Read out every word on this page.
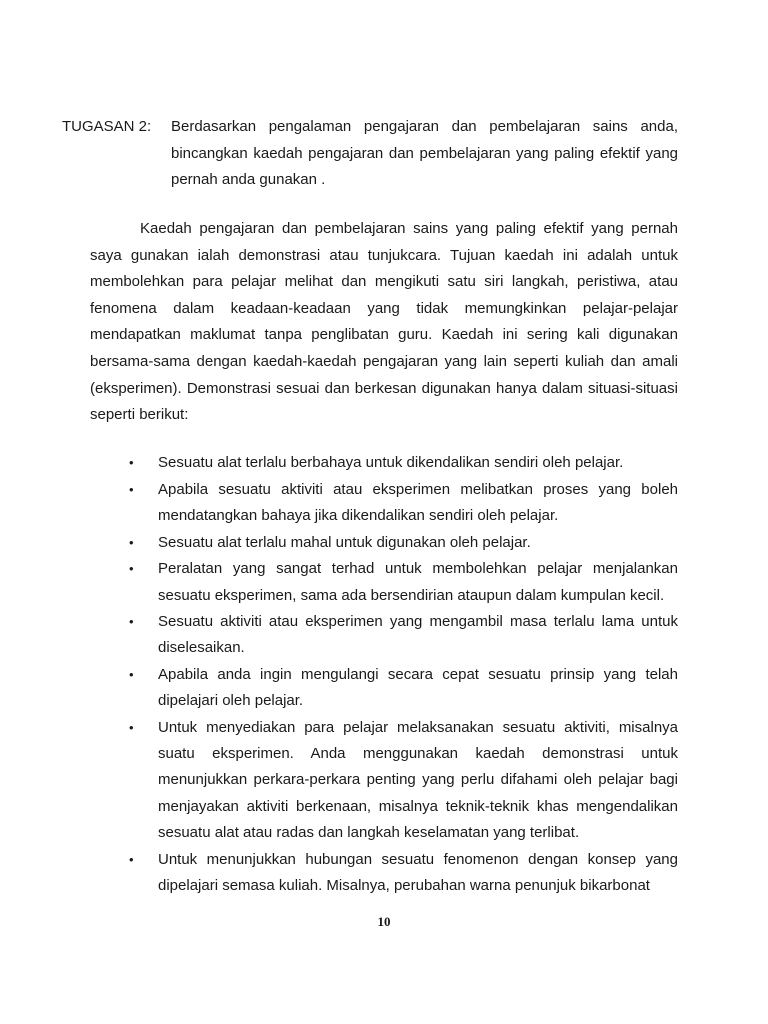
TUGASAN 2:	Berdasarkan pengalaman pengajaran dan pembelajaran sains anda, bincangkan kaedah pengajaran dan pembelajaran yang paling efektif yang pernah anda gunakan .

Kaedah pengajaran dan pembelajaran sains yang paling efektif yang pernah saya gunakan ialah demonstrasi atau tunjukcara. Tujuan kaedah ini adalah untuk membolehkan para pelajar melihat dan mengikuti satu siri langkah, peristiwa, atau fenomena dalam keadaan-keadaan yang tidak memungkinkan pelajar-pelajar mendapatkan maklumat tanpa penglibatan guru. Kaedah ini sering kali digunakan bersama-sama dengan kaedah-kaedah pengajaran yang lain seperti kuliah dan amali (eksperimen). Demonstrasi sesuai dan berkesan digunakan hanya dalam situasi-situasi seperti berikut:

• Sesuatu alat terlalu berbahaya untuk dikendalikan sendiri oleh pelajar.
• Apabila sesuatu aktiviti atau eksperimen melibatkan proses yang boleh mendatangkan bahaya jika dikendalikan sendiri oleh pelajar.
• Sesuatu alat terlalu mahal untuk digunakan oleh pelajar.
• Peralatan yang sangat terhad untuk membolehkan pelajar menjalankan sesuatu eksperimen, sama ada bersendirian ataupun dalam kumpulan kecil.
• Sesuatu aktiviti atau eksperimen yang mengambil masa terlalu lama untuk diselesaikan.
• Apabila anda ingin mengulangi secara cepat sesuatu prinsip yang telah dipelajari oleh pelajar.
• Untuk menyediakan para pelajar melaksanakan sesuatu aktiviti, misalnya suatu eksperimen. Anda menggunakan kaedah demonstrasi untuk menunjukkan perkara-perkara penting yang perlu difahami oleh pelajar bagi menjayakan aktiviti berkenaan, misalnya teknik-teknik khas mengendalikan sesuatu alat atau radas dan langkah keselamatan yang terlibat.
• Untuk menunjukkan hubungan sesuatu fenomenon dengan konsep yang dipelajari semasa kuliah. Misalnya, perubahan warna penunjuk bikarbonat
10
